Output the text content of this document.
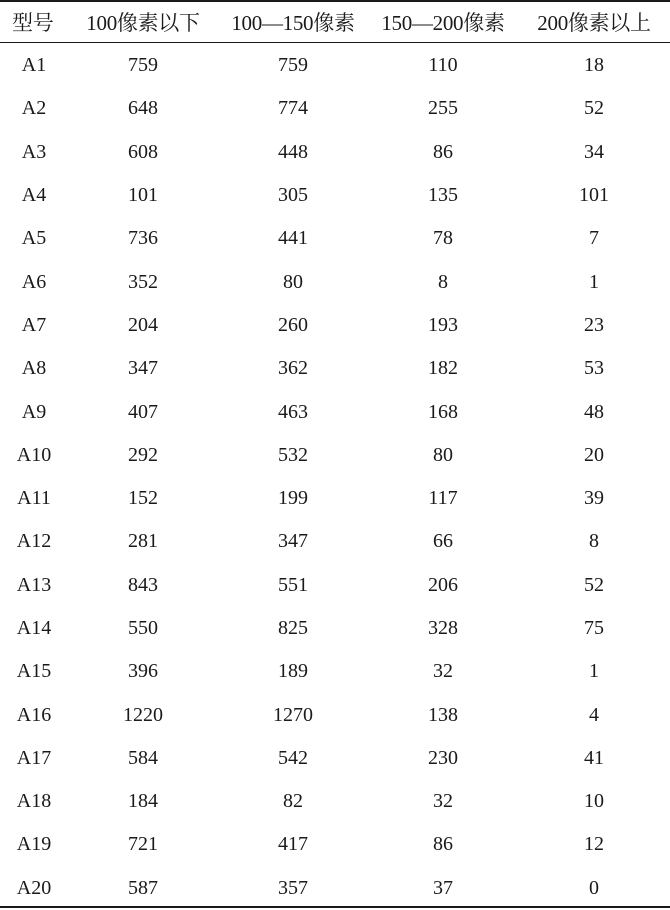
型号	100像素以下	100—150像素	150—200像素	200像素以上
A1	759	759	110	18
A2	648	774	255	52
A3	608	448	86	34
A4	101	305	135	101
A5	736	441	78	7
A6	352	80	8	1
A7	204	260	193	23
A8	347	362	182	53
A9	407	463	168	48
A10	292	532	80	20
A11	152	199	117	39
A12	281	347	66	8
A13	843	551	206	52
A14	550	825	328	75
A15	396	189	32	1
A16	1220	1270	138	4
A17	584	542	230	41
A18	184	82	32	10
A19	721	417	86	12
A20	587	357	37	0
